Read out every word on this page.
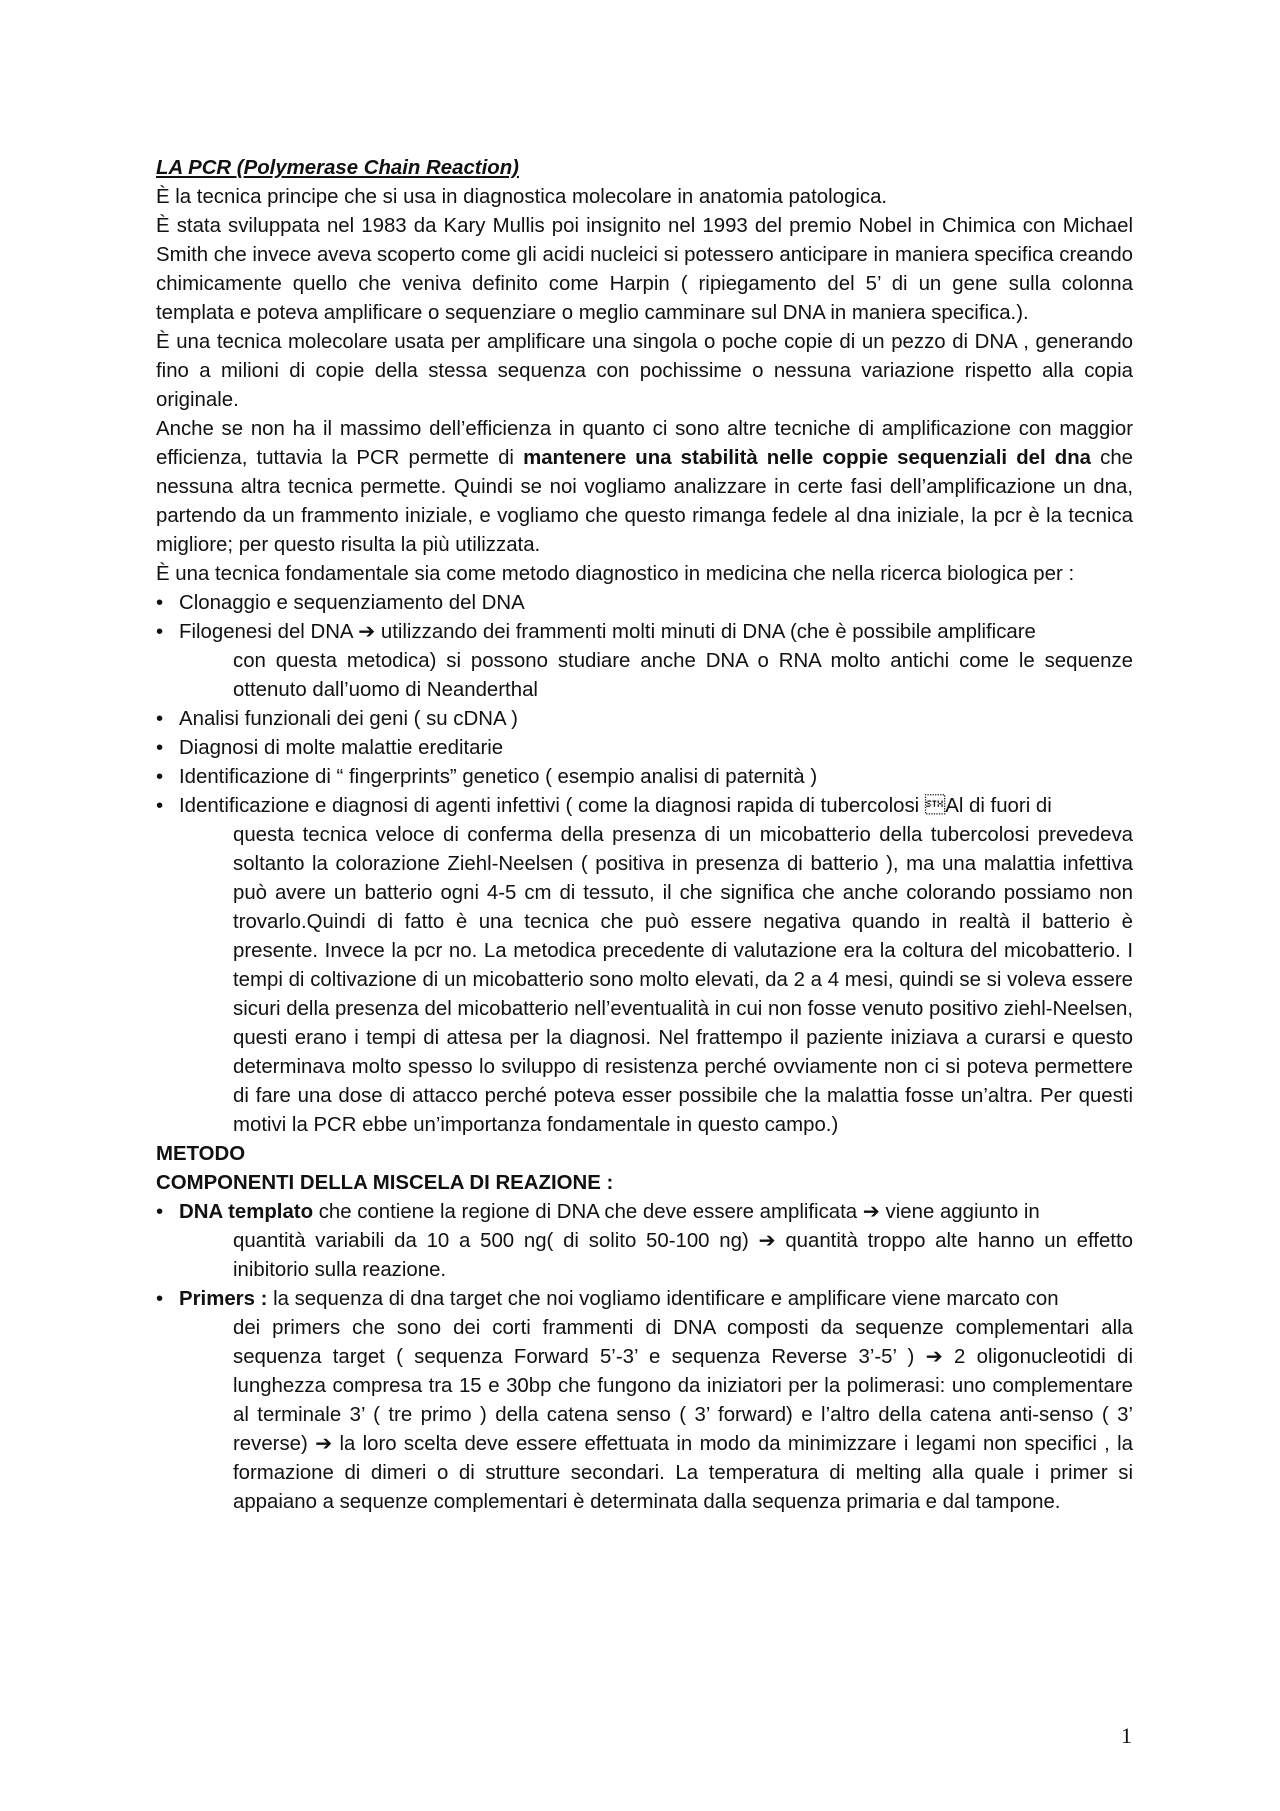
LA PCR (Polymerase Chain Reaction)
È la tecnica principe che si usa in diagnostica molecolare in anatomia patologica.
È stata sviluppata nel 1983 da Kary Mullis poi insignito nel 1993 del premio Nobel in Chimica con Michael Smith che invece aveva scoperto come gli acidi nucleici si potessero anticipare in maniera specifica creando chimicamente quello che veniva definito come Harpin ( ripiegamento del 5’ di un gene sulla colonna templata e poteva amplificare o sequenziare o meglio camminare sul DNA in maniera specifica.).
È una tecnica molecolare usata per amplificare una singola o poche copie di un pezzo di DNA , generando fino a milioni di copie della stessa sequenza con pochissime o nessuna variazione rispetto alla copia originale.
Anche se non ha il massimo dell’efficienza in quanto ci sono altre tecniche di amplificazione con maggior efficienza, tuttavia la PCR permette di mantenere una stabilità nelle coppie sequenziali del dna che nessuna altra tecnica permette. Quindi se noi vogliamo analizzare in certe fasi dell’amplificazione un dna, partendo da un frammento iniziale, e vogliamo che questo rimanga fedele al dna iniziale, la pcr è la tecnica migliore; per questo risulta la più utilizzata.
È una tecnica fondamentale sia come metodo diagnostico in medicina che nella ricerca biologica per :
• Clonaggio e sequenziamento del DNA
• Filogenesi del DNA ➔ utilizzando dei frammenti molti minuti di DNA (che è possibile amplificare
con questa metodica) si possono studiare anche DNA o RNA molto antichi come le sequenze ottenuto dall’uomo di Neanderthal
• Analisi funzionali dei geni ( su cDNA )
• Diagnosi di molte malattie ereditarie
• Identificazione di “ fingerprints” genetico ( esempio analisi di paternità )
• Identificazione e diagnosi di agenti infettivi ( come la diagnosi rapida di tubercolosi Al di fuori di
questa tecnica veloce di conferma della presenza di un micobatterio della tubercolosi prevedeva soltanto la colorazione Ziehl-Neelsen ( positiva in presenza di batterio ), ma una malattia infettiva può avere un batterio ogni 4-5 cm di tessuto, il che significa che anche colorando possiamo non trovarlo.Quindi di fatto è una tecnica che può essere negativa quando in realtà il batterio è presente. Invece la pcr no. La metodica precedente di valutazione era la coltura del micobatterio. I tempi di coltivazione di un micobatterio sono molto elevati, da 2 a 4 mesi, quindi se si voleva essere sicuri della presenza del micobatterio nell’eventualità in cui non fosse venuto positivo ziehl-Neelsen, questi erano i tempi di attesa per la diagnosi. Nel frattempo il paziente iniziava a curarsi e questo determinava molto spesso lo sviluppo di resistenza perché ovviamente non ci si poteva permettere di fare una dose di attacco perché poteva esser possibile che la malattia fosse un’altra. Per questi motivi la PCR ebbe un’importanza fondamentale in questo campo.)
METODO
COMPONENTI DELLA MISCELA DI REAZIONE :
• DNA templato che contiene la regione di DNA che deve essere amplificata ➔ viene aggiunto in
quantità variabili da 10 a 500 ng( di solito 50-100 ng) ➔ quantità troppo alte hanno un effetto inibitorio sulla reazione.
• Primers : la sequenza di dna target che noi vogliamo identificare e amplificare viene marcato con
dei primers che sono dei corti frammenti di DNA composti da sequenze complementari alla sequenza target ( sequenza Forward 5’-3’ e sequenza Reverse 3’-5’ ) ➔ 2 oligonucleotidi di lunghezza compresa tra 15 e 30bp che fungono da iniziatori per la polimerasi: uno complementare al terminale 3’ ( tre primo ) della catena senso ( 3’ forward) e l’altro della catena anti-senso ( 3’ reverse) ➔ la loro scelta deve essere effettuata in modo da minimizzare i legami non specifici , la formazione di dimeri o di strutture secondari. La temperatura di melting alla quale i primer si appaiano a sequenze complementari è determinata dalla sequenza primaria e dal tampone.
1
